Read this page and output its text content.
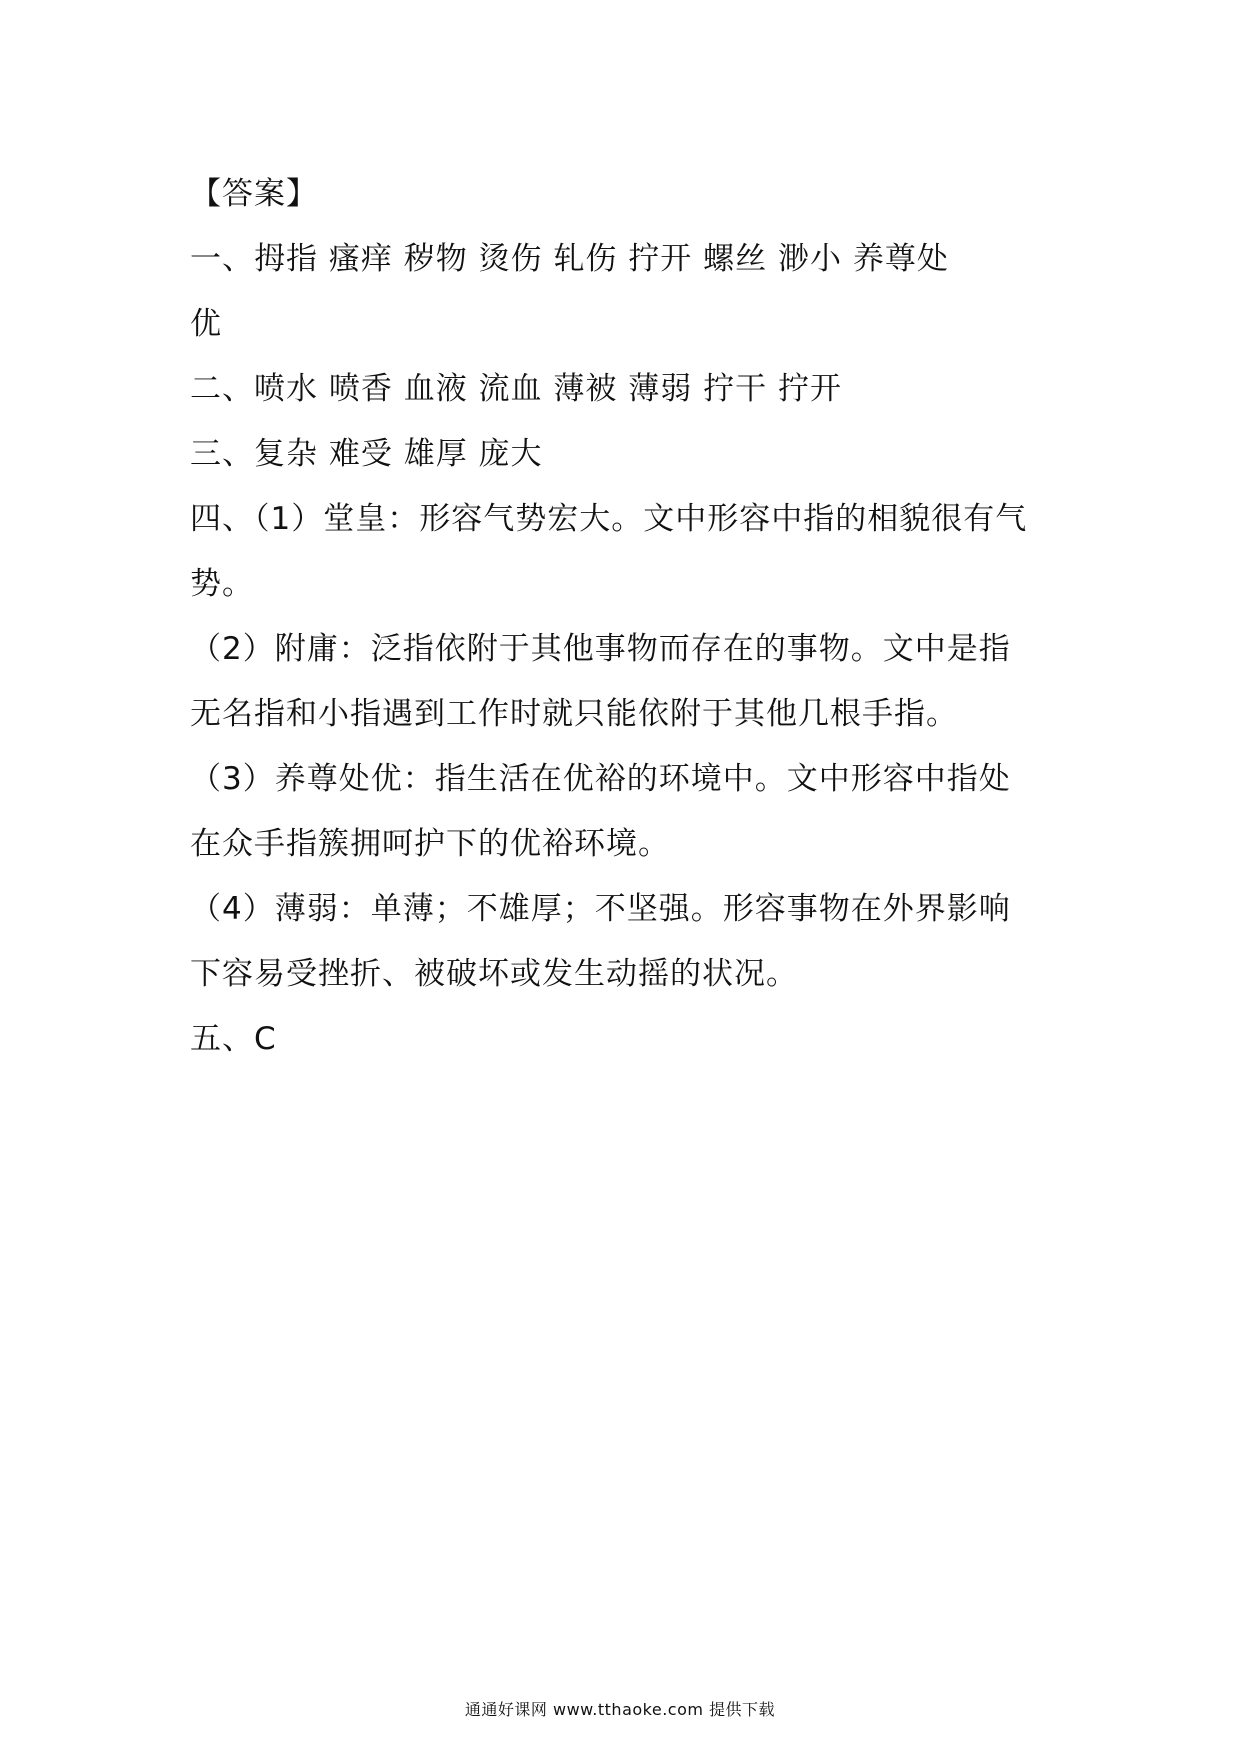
【答案】
一、拇指 瘙痒 秽物 烫伤 轧伤 拧开 螺丝 渺小 养尊处
优
二、喷水 喷香 血液 流血 薄被 薄弱 拧干 拧开
三、复杂 难受 雄厚 庞大
四、（1）堂皇：形容气势宏大。文中形容中指的相貌很有气
势。
（2）附庸：泛指依附于其他事物而存在的事物。文中是指
无名指和小指遇到工作时就只能依附于其他几根手指。
（3）养尊处优：指生活在优裕的环境中。文中形容中指处
在众手指簇拥呵护下的优裕环境。
（4）薄弱：单薄；不雄厚；不坚强。形容事物在外界影响
下容易受挫折、被破坏或发生动摇的状况。
五、C
通通好课网 www.tthaoke.com 提供下载
